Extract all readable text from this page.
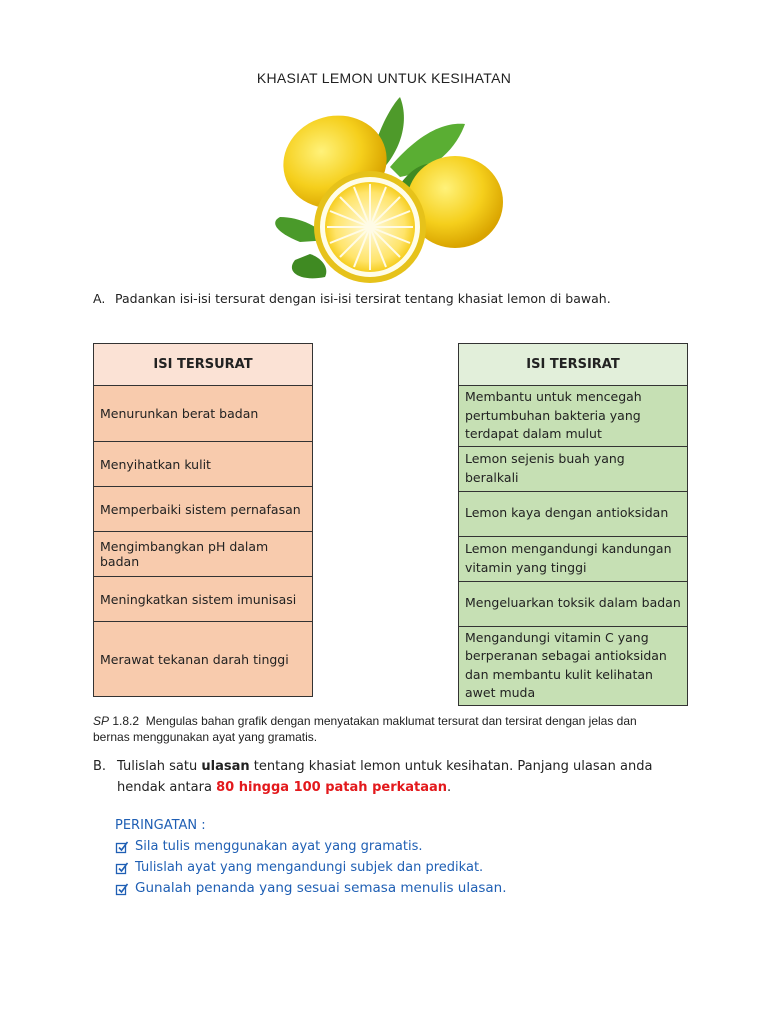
KHASIAT LEMON UNTUK KESIHATAN
A. Padankan isi-isi tersurat dengan isi-isi tersirat tentang khasiat lemon di bawah.
ISI TERSURAT
Menurunkan berat badan
Menyihatkan kulit
Memperbaiki sistem pernafasan
Mengimbangkan pH dalam badan
Meningkatkan sistem imunisasi
Merawat tekanan darah tinggi
ISI TERSIRAT
Membantu untuk mencegah pertumbuhan bakteria yang terdapat dalam mulut
Lemon sejenis buah yang beralkali
Lemon kaya dengan antioksidan
Lemon mengandungi kandungan vitamin yang tinggi
Mengeluarkan toksik dalam badan
Mengandungi vitamin C yang berperanan sebagai antioksidan dan membantu kulit kelihatan awet muda
SP 1.8.2 Mengulas bahan grafik dengan menyatakan maklumat tersurat dan tersirat dengan jelas dan bernas menggunakan ayat yang gramatis.
B. Tulislah satu ulasan tentang khasiat lemon untuk kesihatan. Panjang ulasan anda
hendak antara 80 hingga 100 patah perkataan.
PERINGATAN :
Sila tulis menggunakan ayat yang gramatis.
Tulislah ayat yang mengandungi subjek dan predikat.
Gunalah penanda yang sesuai semasa menulis ulasan.
